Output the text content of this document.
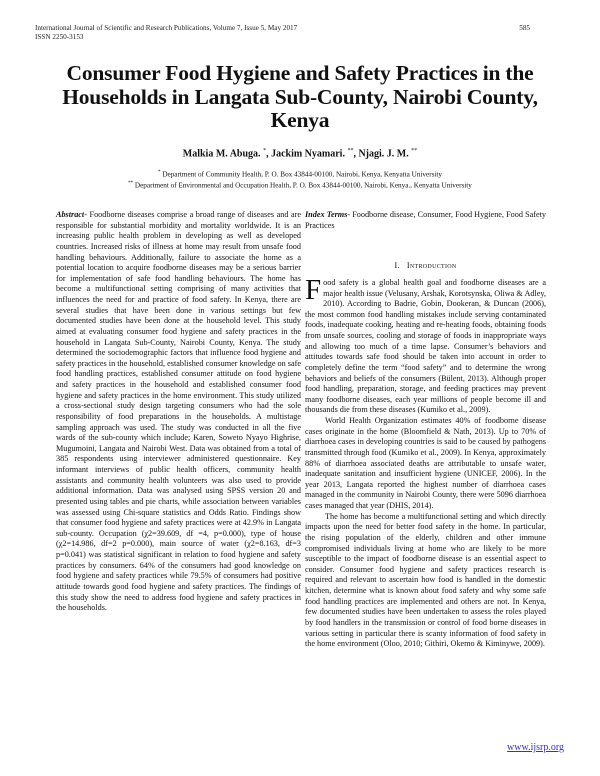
International Journal of Scientific and Research Publications, Volume 7, Issue 5, May 2017
ISSN 2250-3153
585
Consumer Food Hygiene and Safety Practices in the
Households in Langata Sub-County, Nairobi County,
Kenya
Malkia M. Abuga. *, Jackim Nyamari. **, Njagi. J. M. **
* Department of Community Health, P. O. Box 43844-00100, Nairobi, Kenya, Kenyatta University
** Department of Environmental and Occupation Health, P. O. Box 43844-00100, Nairobi, Kenya., Kenyatta University

Abstract- Foodborne diseases comprise a broad range of diseases and are responsible for substantial morbidity and mortality worldwide. It is an increasing public health problem in developing as well as developed countries. Increased risks of illness at home may result from unsafe food handling behaviours. Additionally, failure to associate the home as a potential location to acquire foodborne diseases may be a serious barrier for implementation of safe food handling behaviours. The home has become a multifunctional setting comprising of many activities that influences the need for and practice of food safety. In Kenya, there are several studies that have been done in various settings but few documented studies have been done at the household level. This study aimed at evaluating consumer food hygiene and safety practices in the household in Langata Sub-County, Nairobi County, Kenya. The study determined the sociodemographic factors that influence food hygiene and safety practices in the household, established consumer knowledge on safe food handling practices, established consumer attitude on food hygiene and safety practices in the household and established consumer food hygiene and safety practices in the home environment. This study utilized a cross-sectional study design targeting consumers who had the sole responsibility of food preparations in the households. A multistage sampling approach was used. The study was conducted in all the five wards of the sub-county which include; Karen, Soweto Nyayo Highrise, Mugumoini, Langata and Nairobi West. Data was obtained from a total of 385 respondents using interviewer administered questionnaire. Key informant interviews of public health officers, community health assistants and community health volunteers was also used to provide additional information. Data was analysed using SPSS version 20 and presented using tables and pie charts, while association between variables was assessed using Chi-square statistics and Odds Ratio. Findings show that consumer food hygiene and safety practices were at 42.9% in Langata sub-county. Occupation (χ2=39.609, df =4, p=0.000), type of house (χ2=14.986, df=2 p=0.000), main source of water (χ2=8.163, df=3 p=0.041) was statistical significant in relation to food hygiene and safety practices by consumers. 64% of the consumers had good knowledge on food hygiene and safety practices while 79.5% of consumers had positive attitude towards good food hygiene and safety practices. The findings of this study show the need to address food hygiene and safety practices in the households.

Index Terms- Foodborne disease, Consumer, Food Hygiene, Food Safety Practices

I. Introduction

Food safety is a global health goal and foodborne diseases are a major health issue (Velusany, Arshak, Korotsynska, Oliwa & Adley, 2010). According to Badrie, Gobin, Dookeran, & Duncan (2006), the most common food handling mistakes include serving contaminated foods, inadequate cooking, heating and re-heating foods, obtaining foods from unsafe sources, cooling and storage of foods in inappropriate ways and allowing too much of a time lapse. Consumer’s behaviors and attitudes towards safe food should be taken into account in order to completely define the term “food safety” and to determine the wrong behaviors and beliefs of the consumers (Bülent, 2013). Although proper food handling, preparation, storage, and feeding practices may prevent many foodborne diseases, each year millions of people become ill and thousands die from these diseases (Kumiko et al., 2009).

World Health Organization estimates 40% of foodborne disease cases originate in the home (Bloomfield & Nath, 2013). Up to 70% of diarrhoea cases in developing countries is said to be caused by pathogens transmitted through food (Kumiko et al., 2009). In Kenya, approximately 88% of diarrhoea associated deaths are attributable to unsafe water, inadequate sanitation and insufficient hygiene (UNICEF, 2006). In the year 2013, Langata reported the highest number of diarrhoea cases managed in the community in Nairobi County, there were 5096 diarrhoea cases managed that year (DHIS, 2014).

The home has become a multifunctional setting and which directly impacts upon the need for better food safety in the home. In particular, the rising population of the elderly, children and other immune compromised individuals living at home who are likely to be more susceptible to the impact of foodborne disease is an essential aspect to consider. Consumer food hygiene and safety practices research is required and relevant to ascertain how food is handled in the domestic kitchen, determine what is known about food safety and why some safe food handling practices are implemented and others are not. In Kenya, few documented studies have been undertaken to assess the roles played by food handlers in the transmission or control of food borne diseases in various setting in particular there is scanty information of food safety in the home environment (Oloo, 2010; Githiri, Okemo & Kiminywe, 2009).

www.ijsrp.org
